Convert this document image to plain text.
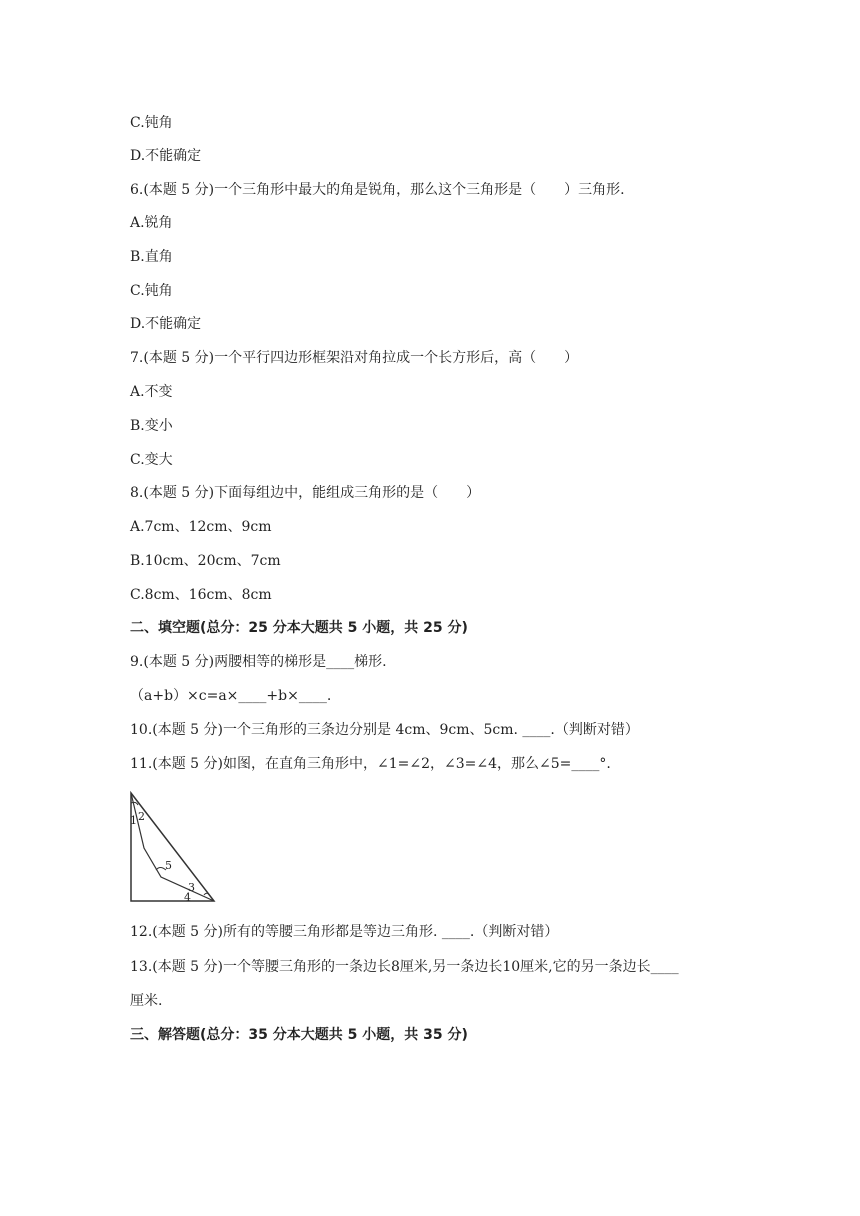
C.钝角
D.不能确定
6.(本题 5 分)一个三角形中最大的角是锐角，那么这个三角形是（　　）三角形.
A.锐角
B.直角
C.钝角
D.不能确定
7.(本题 5 分)一个平行四边形框架沿对角拉成一个长方形后，高（　　）
A.不变
B.变小
C.变大
8.(本题 5 分)下面每组边中，能组成三角形的是（　　）
A.7cm、12cm、9cm
B.10cm、20cm、7cm
C.8cm、16cm、8cm
二、填空题(总分：25 分本大题共 5 小题，共 25 分)
9.(本题 5 分)两腰相等的梯形是____梯形.
（a+b）×c=a×____+b×____.
10.(本题 5 分)一个三角形的三条边分别是 4cm、9cm、5cm. ____.（判断对错）
11.(本题 5 分)如图，在直角三角形中，∠1=∠2，∠3=∠4，那么∠5=____°.
1 2
5
3
4
12.(本题 5 分)所有的等腰三角形都是等边三角形. ____.（判断对错）
13.(本题 5 分)一个等腰三角形的一条边长8厘米,另一条边长10厘米,它的另一条边长____
厘米.
三、解答题(总分：35 分本大题共 5 小题，共 35 分)
